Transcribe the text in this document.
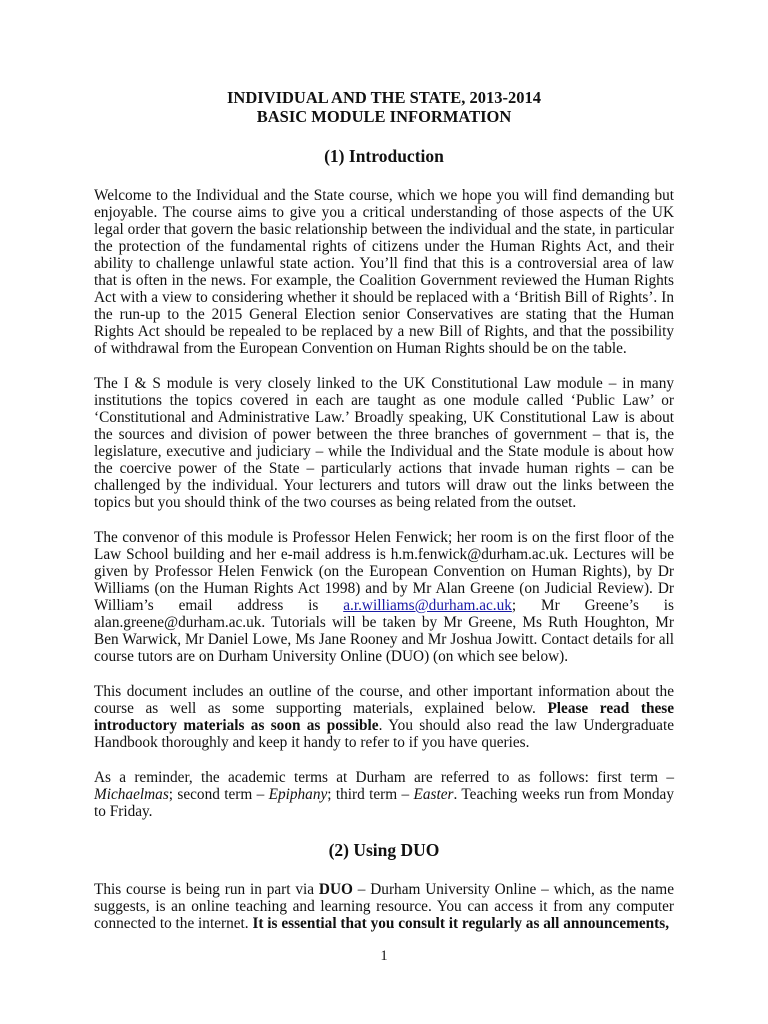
INDIVIDUAL AND THE STATE, 2013-2014
BASIC MODULE INFORMATION
(1) Introduction

Welcome to the Individual and the State course, which we hope you will find demanding but enjoyable. The course aims to give you a critical understanding of those aspects of the UK legal order that govern the basic relationship between the individual and the state, in particular the protection of the fundamental rights of citizens under the Human Rights Act, and their ability to challenge unlawful state action. You’ll find that this is a controversial area of law that is often in the news. For example, the Coalition Government reviewed the Human Rights Act with a view to considering whether it should be replaced with a ‘British Bill of Rights’. In the run-up to the 2015 General Election senior Conservatives are stating that the Human Rights Act should be repealed to be replaced by a new Bill of Rights, and that the possibility of withdrawal from the European Convention on Human Rights should be on the table.

The I & S module is very closely linked to the UK Constitutional Law module – in many institutions the topics covered in each are taught as one module called ‘Public Law’ or ‘Constitutional and Administrative Law.’ Broadly speaking, UK Constitutional Law is about the sources and division of power between the three branches of government – that is, the legislature, executive and judiciary – while the Individual and the State module is about how the coercive power of the State – particularly actions that invade human rights – can be challenged by the individual. Your lecturers and tutors will draw out the links between the topics but you should think of the two courses as being related from the outset.

The convenor of this module is Professor Helen Fenwick; her room is on the first floor of the Law School building and her e-mail address is h.m.fenwick@durham.ac.uk. Lectures will be given by Professor Helen Fenwick (on the European Convention on Human Rights), by Dr Williams (on the Human Rights Act 1998) and by Mr Alan Greene (on Judicial Review). Dr William’s email address is a.r.williams@durham.ac.uk; Mr Greene’s is alan.greene@durham.ac.uk. Tutorials will be taken by Mr Greene, Ms Ruth Houghton, Mr Ben Warwick, Mr Daniel Lowe, Ms Jane Rooney and Mr Joshua Jowitt. Contact details for all course tutors are on Durham University Online (DUO) (on which see below).

This document includes an outline of the course, and other important information about the course as well as some supporting materials, explained below. Please read these introductory materials as soon as possible. You should also read the law Undergraduate Handbook thoroughly and keep it handy to refer to if you have queries.

As a reminder, the academic terms at Durham are referred to as follows: first term – Michaelmas; second term – Epiphany; third term – Easter. Teaching weeks run from Monday to Friday.

(2) Using DUO

This course is being run in part via DUO – Durham University Online – which, as the name suggests, is an online teaching and learning resource. You can access it from any computer connected to the internet. It is essential that you consult it regularly as all announcements,

1
